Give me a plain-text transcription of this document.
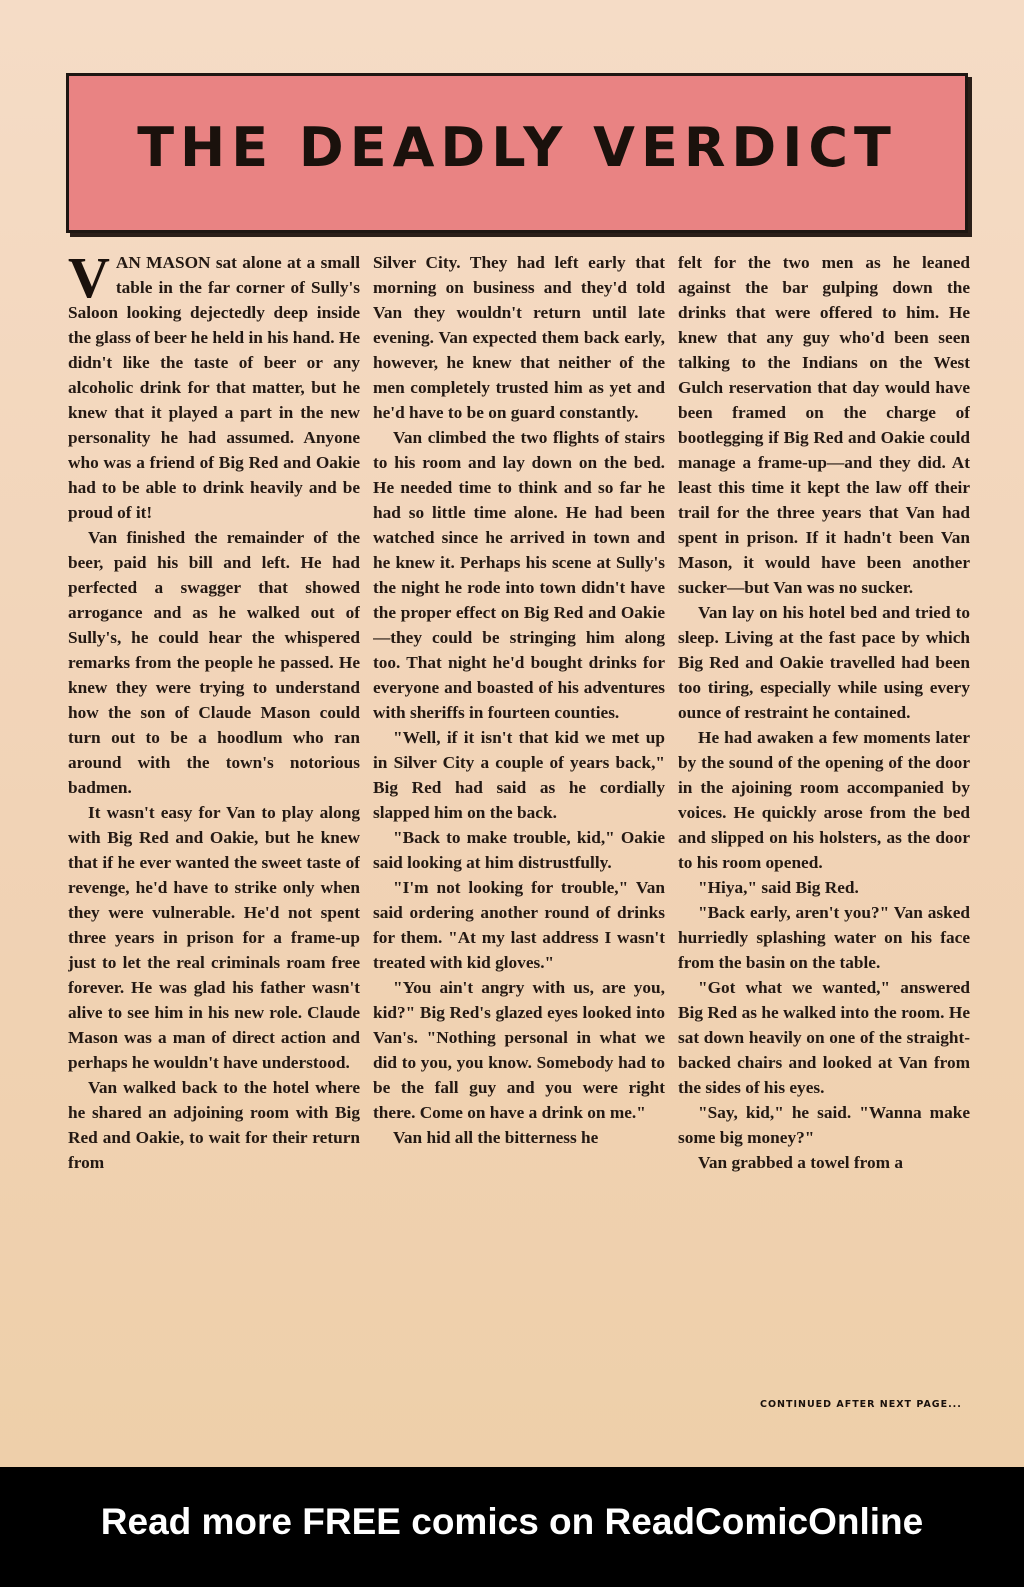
THE DEADLY VERDICT

VAN MASON sat alone at a small table in the far corner of Sully's Saloon looking dejectedly deep inside the glass of beer he held in his hand. He didn't like the taste of beer or any alcoholic drink for that matter, but he knew that it played a part in the new personality he had assumed. Anyone who was a friend of Big Red and Oakie had to be able to drink heavily and be proud of it!

Van finished the remainder of the beer, paid his bill and left. He had perfected a swagger that showed arrogance and as he walked out of Sully's, he could hear the whispered remarks from the people he passed. He knew they were trying to understand how the son of Claude Mason could turn out to be a hoodlum who ran around with the town's notorious badmen.

It wasn't easy for Van to play along with Big Red and Oakie, but he knew that if he ever wanted the sweet taste of revenge, he'd have to strike only when they were vulnerable. He'd not spent three years in prison for a frame-up just to let the real criminals roam free forever. He was glad his father wasn't alive to see him in his new role. Claude Mason was a man of direct action and perhaps he wouldn't have understood.

Van walked back to the hotel where he shared an adjoining room with Big Red and Oakie, to wait for their return from

Silver City. They had left early that morning on business and they'd told Van they wouldn't return until late evening. Van expected them back early, however, he knew that neither of the men completely trusted him as yet and he'd have to be on guard constantly.

Van climbed the two flights of stairs to his room and lay down on the bed. He needed time to think and so far he had so little time alone. He had been watched since he arrived in town and he knew it. Perhaps his scene at Sully's the night he rode into town didn't have the proper effect on Big Red and Oakie—they could be stringing him along too. That night he'd bought drinks for everyone and boasted of his adventures with sheriffs in fourteen counties.

"Well, if it isn't that kid we met up in Silver City a couple of years back," Big Red had said as he cordially slapped him on the back.

"Back to make trouble, kid," Oakie said looking at him distrustfully.

"I'm not looking for trouble," Van said ordering another round of drinks for them. "At my last address I wasn't treated with kid gloves."

"You ain't angry with us, are you, kid?" Big Red's glazed eyes looked into Van's. "Nothing personal in what we did to you, you know. Somebody had to be the fall guy and you were right there. Come on have a drink on me."

Van hid all the bitterness he

felt for the two men as he leaned against the bar gulping down the drinks that were offered to him. He knew that any guy who'd been seen talking to the Indians on the West Gulch reservation that day would have been framed on the charge of bootlegging if Big Red and Oakie could manage a frame-up—and they did. At least this time it kept the law off their trail for the three years that Van had spent in prison. If it hadn't been Van Mason, it would have been another sucker—but Van was no sucker.

Van lay on his hotel bed and tried to sleep. Living at the fast pace by which Big Red and Oakie travelled had been too tiring, especially while using every ounce of restraint he contained.

He had awaken a few moments later by the sound of the opening of the door in the ajoining room accompanied by voices. He quickly arose from the bed and slipped on his holsters, as the door to his room opened.

"Hiya," said Big Red.

"Back early, aren't you?" Van asked hurriedly splashing water on his face from the basin on the table.

"Got what we wanted," answered Big Red as he walked into the room. He sat down heavily on one of the straight-backed chairs and looked at Van from the sides of his eyes.

"Say, kid," he said. "Wanna make some big money?"

Van grabbed a towel from a

CONTINUED AFTER NEXT PAGE...
Read more FREE comics on ReadComicOnline
